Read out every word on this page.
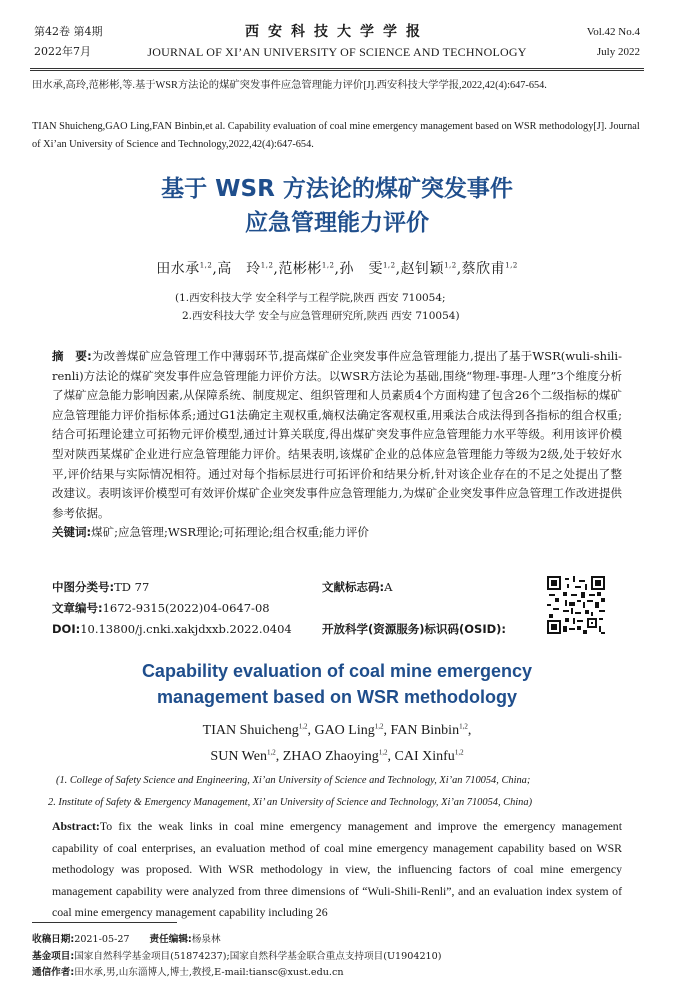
第42卷 第4期
2022年7月
西安科技大学学报
JOURNAL OF XI’AN UNIVERSITY OF SCIENCE AND TECHNOLOGY
Vol.42 No.4
July 2022
田水承,高玲,范彬彬,等.基于WSR方法论的煤矿突发事件应急管理能力评价[J].西安科技大学学报,2022,42(4):647-654.
TIAN Shuicheng,GAO Ling,FAN Binbin,et al. Capability evaluation of coal mine emergency management based on WSR methodology[J]. Journal of Xi’an University of Science and Technology,2022,42(4):647-654.
基于 WSR 方法论的煤矿突发事件
应急管理能力评价
田水承$^{1,2}$,高　玲$^{1,2}$,范彬彬$^{1,2}$,孙　雯$^{1,2}$,赵钊颖$^{1,2}$,蔡欣甫$^{1,2}$
(1.西安科技大学 安全科学与工程学院,陕西 西安 710054;
2.西安科技大学 安全与应急管理研究所,陕西 西安 710054)

摘　要:为改善煤矿应急管理工作中薄弱环节,提高煤矿企业突发事件应急管理能力,提出了基于WSR(wuli-shili-renli)方法论的煤矿突发事件应急管理能力评价方法。以WSR方法论为基础,围绕“物理-事理-人理”3个维度分析了煤矿应急能力影响因素,从保障系统、制度规定、组织管理和人员素质4个方面构建了包含26个二级指标的煤矿应急管理能力评价指标体系;通过G1法确定主观权重,熵权法确定客观权重,用乘法合成法得到各指标的组合权重;结合可拓理论建立可拓物元评价模型,通过计算关联度,得出煤矿突发事件应急管理能力水平等级。利用该评价模型对陕西某煤矿企业进行应急管理能力评价。结果表明,该煤矿企业的总体应急管理能力等级为2级,处于较好水平,评价结果与实际情况相符。通过对每个指标层进行可拓评价和结果分析,针对该企业存在的不足之处提出了整改建议。表明该评价模型可有效评价煤矿企业突发事件应急管理能力,为煤矿企业突发事件应急管理工作改进提供参考依据。

关键词:煤矿;应急管理;WSR理论;可拓理论;组合权重;能力评价

中图分类号:TD 77	文献标志码:A
文章编号:1672-9315(2022)04-0647-08
DOI:10.13800/j.cnki.xakjdxxb.2022.0404	开放科学(资源服务)标识码(OSID):
Capability evaluation of coal mine emergency
management based on WSR methodology
TIAN Shuicheng$^{1,2}$, GAO Ling$^{1,2}$, FAN Binbin$^{1,2}$,
SUN Wen$^{1,2}$, ZHAO Zhaoying$^{1,2}$, CAI Xinfu$^{1,2}$
(1. College of Safety Science and Engineering, Xi’an University of Science and Technology, Xi’an 710054, China;
2. Institute of Safety & Emergency Management, Xi’ an University of Science and Technology, Xi’an 710054, China)
Abstract:To fix the weak links in coal mine emergency management and improve the emergency management capability of coal enterprises, an evaluation method of coal mine emergency management capability based on WSR methodology was proposed. With WSR methodology in view, the influencing factors of coal mine emergency management capability were analyzed from three dimensions of “Wuli-Shili-Renli”, and an evaluation index system of coal mine emergency management capability including 26
收稿日期:2021-05-27 责任编辑:杨泉林
基金项目:国家自然科学基金项目(51874237);国家自然科学基金联合重点支持项目(U1904210)
通信作者:田水承,男,山东淄博人,博士,教授,E-mail:tiansc@xust.edu.cn
